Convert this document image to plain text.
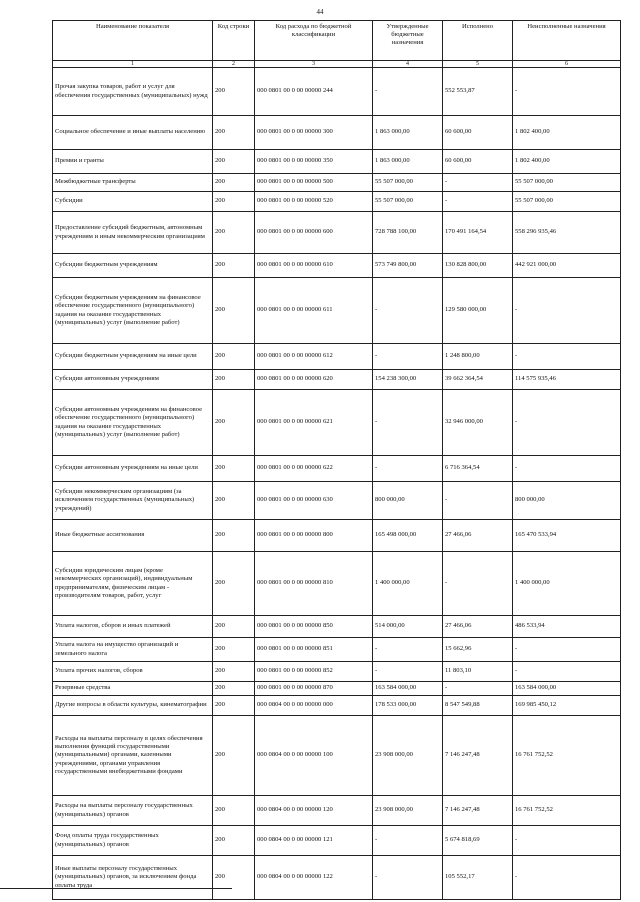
44
Наименование показателя	Код строки	Код расхода по бюджетной классификации	Утвержденные бюджетные назначения	Исполнено	Неисполненные назначения
1	2	3	4	5	6
Прочая закупка товаров, работ и услуг для обеспечения государственных (муниципальных) нужд	200	000 0801 00 0 00 00000 244	-	552 553,87	-
Социальное обеспечение и иные выплаты населению	200	000 0801 00 0 00 00000 300	1 863 000,00	60 600,00	1 802 400,00
Премии и гранты	200	000 0801 00 0 00 00000 350	1 863 000,00	60 600,00	1 802 400,00
Межбюджетные трансферты	200	000 0801 00 0 00 00000 500	55 507 000,00	-	55 507 000,00
Субсидии	200	000 0801 00 0 00 00000 520	55 507 000,00	-	55 507 000,00
Предоставление субсидий бюджетным, автономным учреждениям и иным некоммерческим организациям	200	000 0801 00 0 00 00000 600	728 788 100,00	170 491 164,54	558 296 935,46
Субсидии бюджетным учреждениям	200	000 0801 00 0 00 00000 610	573 749 800,00	130 828 800,00	442 921 000,00
Субсидии бюджетным учреждениям на финансовое обеспечение государственного (муниципального) задания на оказание государственных (муниципальных) услуг (выполнение работ)	200	000 0801 00 0 00 00000 611	-	129 580 000,00	-
Субсидии бюджетным учреждениям на иные цели	200	000 0801 00 0 00 00000 612	-	1 248 800,00	-
Субсидии автономным учреждениям	200	000 0801 00 0 00 00000 620	154 238 300,00	39 662 364,54	114 575 935,46
Субсидии автономным учреждениям на финансовое обеспечение государственного (муниципального) задания на оказание государственных (муниципальных) услуг (выполнение работ)	200	000 0801 00 0 00 00000 621	-	32 946 000,00	-
Субсидии автономным учреждениям на иные цели	200	000 0801 00 0 00 00000 622	-	6 716 364,54	-
Субсидии некоммерческим организациям (за исключением государственных (муниципальных) учреждений)	200	000 0801 00 0 00 00000 630	800 000,00	-	800 000,00
Иные бюджетные ассигнования	200	000 0801 00 0 00 00000 800	165 498 000,00	27 466,06	165 470 533,94
Субсидии юридическим лицам (кроме некоммерческих организаций), индивидуальным предпринимателям, физическим лицам - производителям товаров, работ, услуг	200	000 0801 00 0 00 00000 810	1 400 000,00	-	1 400 000,00
Уплата налогов, сборов и иных платежей	200	000 0801 00 0 00 00000 850	514 000,00	27 466,06	486 533,94
Уплата налога на имущество организаций и земельного налога	200	000 0801 00 0 00 00000 851	-	15 662,96	-
Уплата прочих налогов, сборов	200	000 0801 00 0 00 00000 852	-	11 803,10	-
Резервные средства	200	000 0801 00 0 00 00000 870	163 584 000,00	-	163 584 000,00
Другие вопросы в области культуры, кинематографии	200	000 0804 00 0 00 00000 000	178 533 000,00	8 547 549,88	169 985 450,12
Расходы на выплаты персоналу в целях обеспечения выполнения функций государственными (муниципальными) органами, казенными учреждениями, органами управления государственными внебюджетными фондами	200	000 0804 00 0 00 00000 100	23 908 000,00	7 146 247,48	16 761 752,52
Расходы на выплаты персоналу государственных (муниципальных) органов	200	000 0804 00 0 00 00000 120	23 908 000,00	7 146 247,48	16 761 752,52
Фонд оплаты труда государственных (муниципальных) органов	200	000 0804 00 0 00 00000 121	-	5 674 818,69	-
Иные выплаты персоналу государственных (муниципальных) органов, за исключением фонда оплаты труда	200	000 0804 00 0 00 00000 122	-	105 552,17	-
